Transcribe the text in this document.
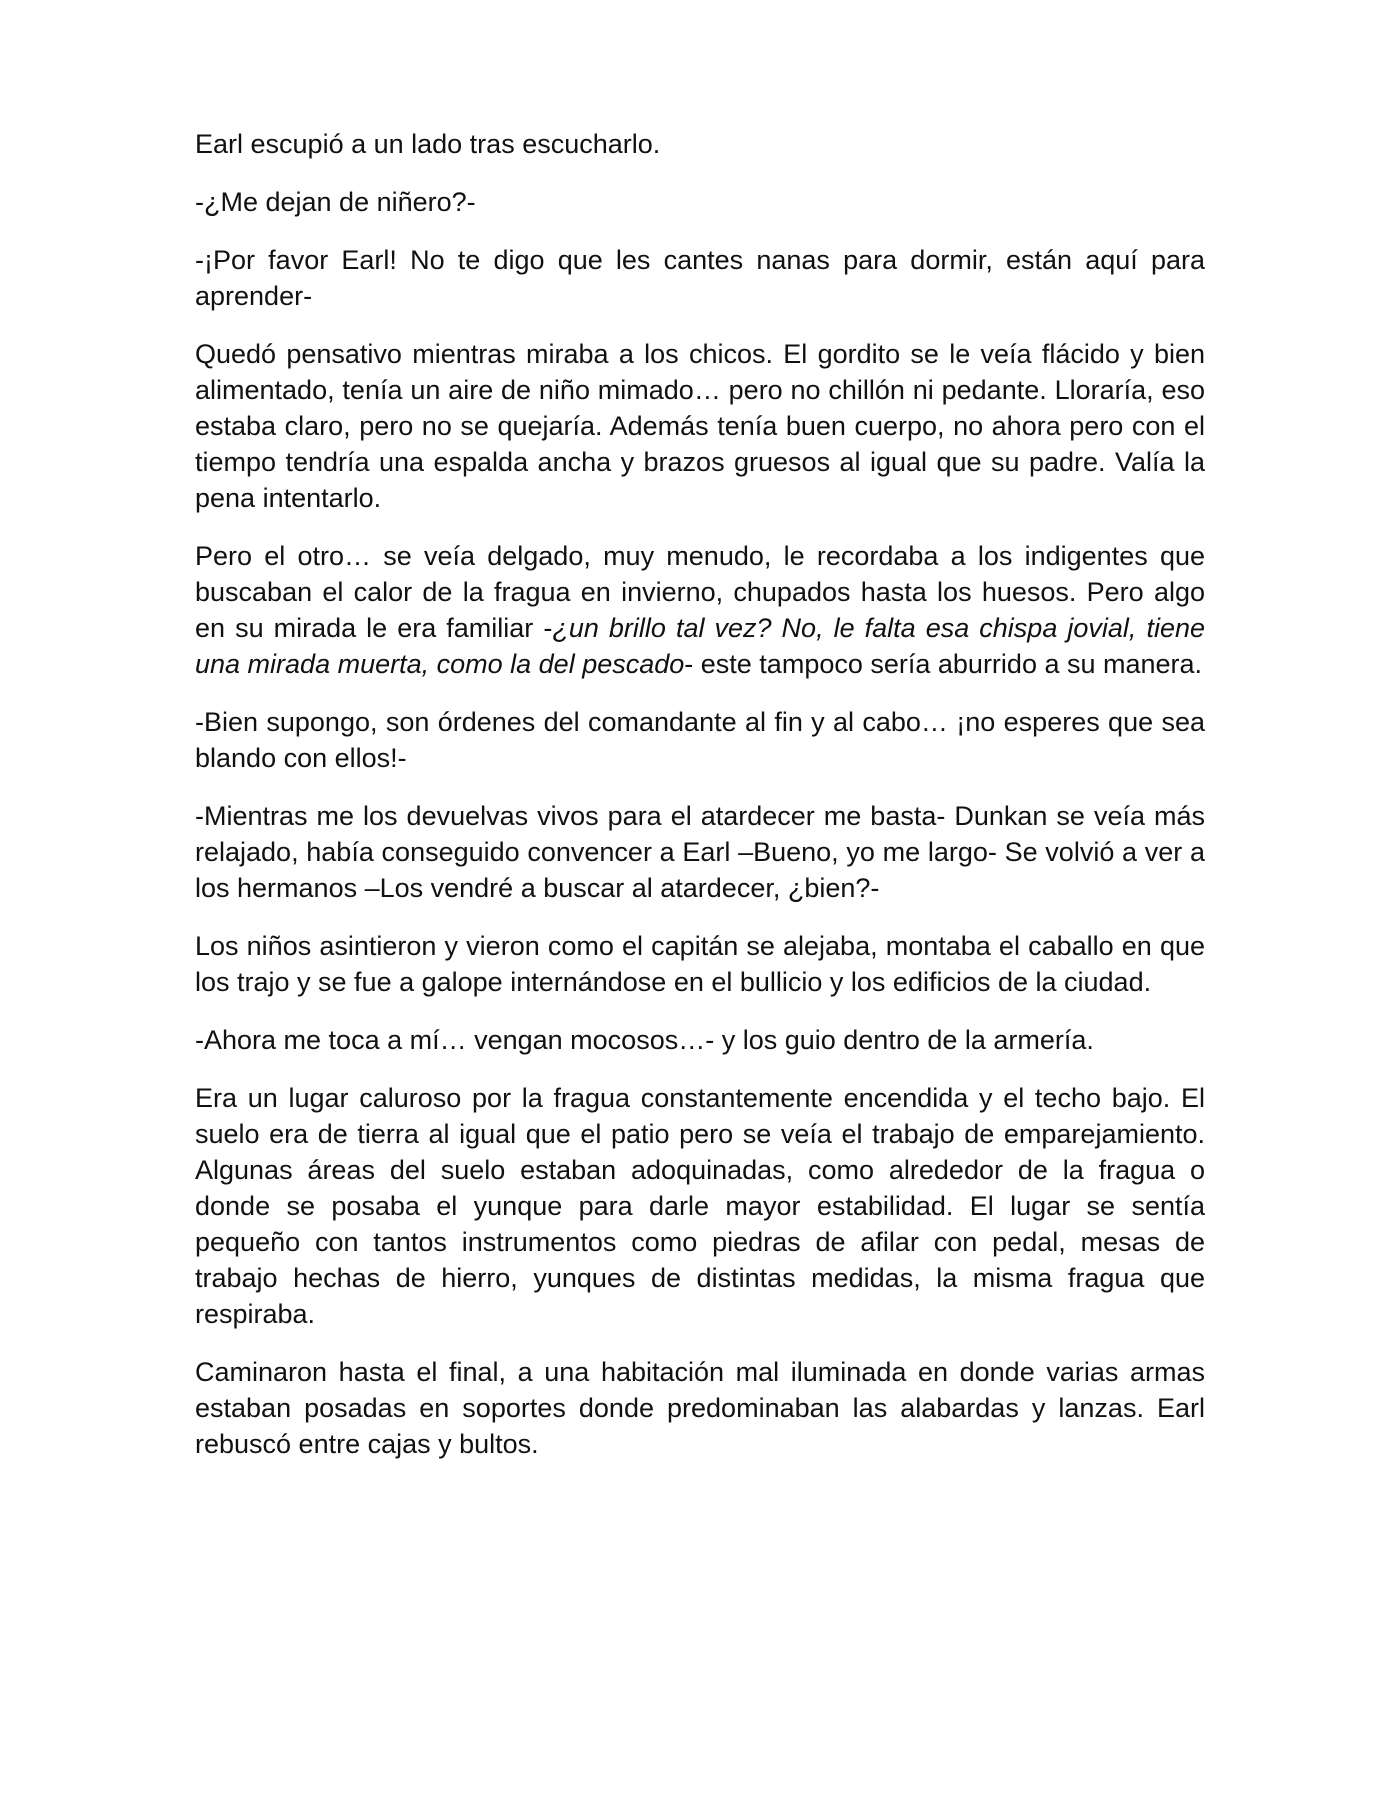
Earl escupió a un lado tras escucharlo.

-¿Me dejan de niñero?-

-¡Por favor Earl! No te digo que les cantes nanas para dormir, están aquí para aprender-

Quedó pensativo mientras miraba a los chicos. El gordito se le veía flácido y bien alimentado, tenía un aire de niño mimado… pero no chillón ni pedante. Lloraría, eso estaba claro, pero no se quejaría. Además tenía buen cuerpo, no ahora pero con el tiempo tendría una espalda ancha y brazos gruesos al igual que su padre. Valía la pena intentarlo.

Pero el otro… se veía delgado, muy menudo, le recordaba a los indigentes que buscaban el calor de la fragua en invierno, chupados hasta los huesos. Pero algo en su mirada le era familiar -¿un brillo tal vez? No, le falta esa chispa jovial, tiene una mirada muerta, como la del pescado- este tampoco sería aburrido a su manera.

-Bien supongo, son órdenes del comandante al fin y al cabo… ¡no esperes que sea blando con ellos!-

-Mientras me los devuelvas vivos para el atardecer me basta- Dunkan se veía más relajado, había conseguido convencer a Earl –Bueno, yo me largo- Se volvió a ver a los hermanos –Los vendré a buscar al atardecer, ¿bien?-

Los niños asintieron y vieron como el capitán se alejaba, montaba el caballo en que los trajo y se fue a galope internándose en el bullicio y los edificios de la ciudad.

-Ahora me toca a mí… vengan mocosos…- y los guio dentro de la armería.

Era un lugar caluroso por la fragua constantemente encendida y el techo bajo. El suelo era de tierra al igual que el patio pero se veía el trabajo de emparejamiento. Algunas áreas del suelo estaban adoquinadas, como alrededor de la fragua o donde se posaba el yunque para darle mayor estabilidad. El lugar se sentía pequeño con tantos instrumentos como piedras de afilar con pedal, mesas de trabajo hechas de hierro, yunques de distintas medidas, la misma fragua que respiraba.

Caminaron hasta el final, a una habitación mal iluminada en donde varias armas estaban posadas en soportes donde predominaban las alabardas y lanzas. Earl rebuscó entre cajas y bultos.
